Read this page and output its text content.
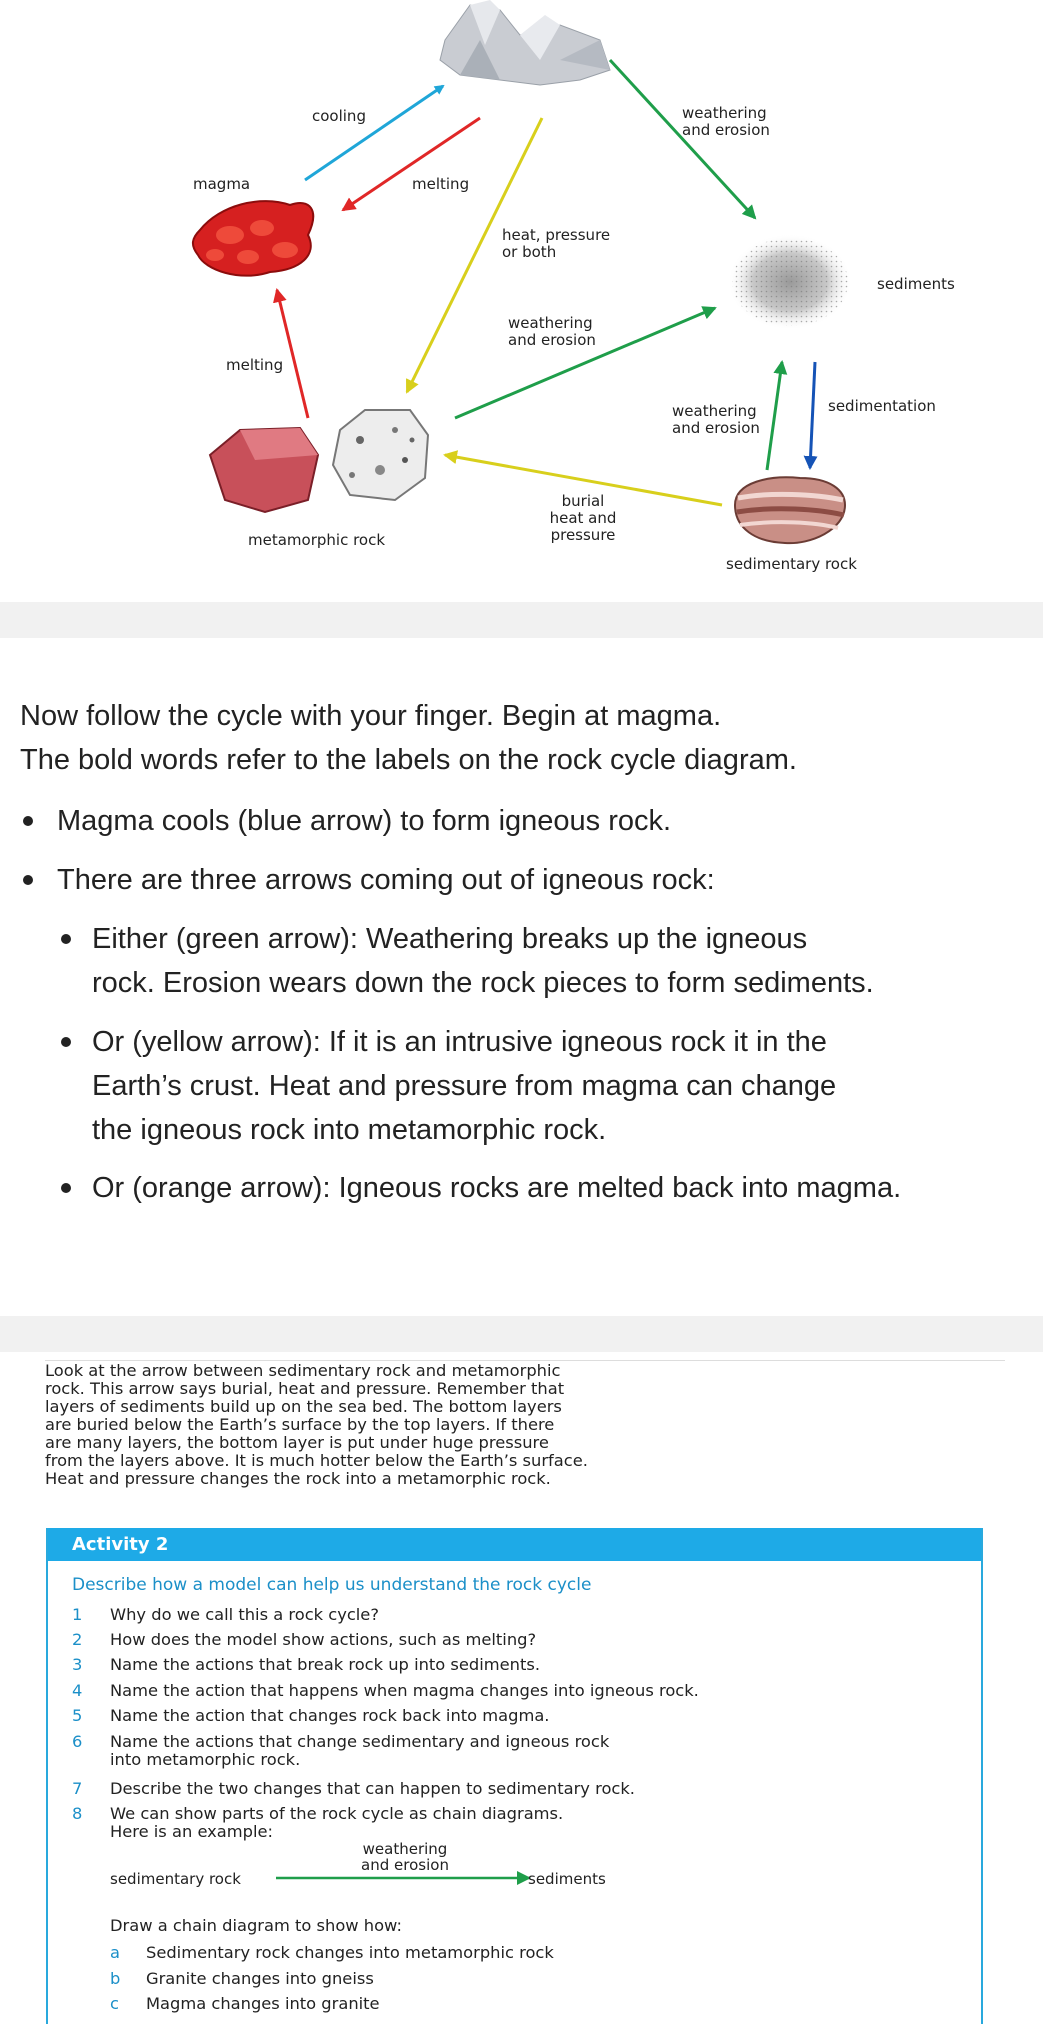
cooling	weathering
and erosion
magma	melting
heat, pressure
or both
sediments
weathering
and erosion
melting
weathering
and erosion
sedimentation
burial
heat and
pressure
metamorphic rock
sedimentary rock
Now follow the cycle with your finger. Begin at magma.
The bold words refer to the labels on the rock cycle diagram.
Magma cools (blue arrow) to form igneous rock.
There are three arrows coming out of igneous rock:
Either (green arrow): Weathering breaks up the igneous
rock. Erosion wears down the rock pieces to form sediments.
Or (yellow arrow): If it is an intrusive igneous rock it in the
Earth’s crust. Heat and pressure from magma can change
the igneous rock into metamorphic rock.
Or (orange arrow): Igneous rocks are melted back into magma.
Look at the arrow between sedimentary rock and metamorphic
rock. This arrow says burial, heat and pressure. Remember that
layers of sediments build up on the sea bed. The bottom layers
are buried below the Earth’s surface by the top layers. If there
are many layers, the bottom layer is put under huge pressure
from the layers above. It is much hotter below the Earth’s surface.
Heat and pressure changes the rock into a metamorphic rock.
Activity 2
Describe how a model can help us understand the rock cycle
1 Why do we call this a rock cycle?
2 How does the model show actions, such as melting?
3 Name the actions that break rock up into sediments.
4 Name the action that happens when magma changes into igneous rock.
5 Name the action that changes rock back into magma.
6 Name the actions that change sedimentary and igneous rock
into metamorphic rock.
7 Describe the two changes that can happen to sedimentary rock.
8 We can show parts of the rock cycle as chain diagrams.
Here is an example:
sedimentary rock
weathering
and erosion
sediments
Draw a chain diagram to show how:
a Sedimentary rock changes into metamorphic rock
b Granite changes into gneiss
c Magma changes into granite
